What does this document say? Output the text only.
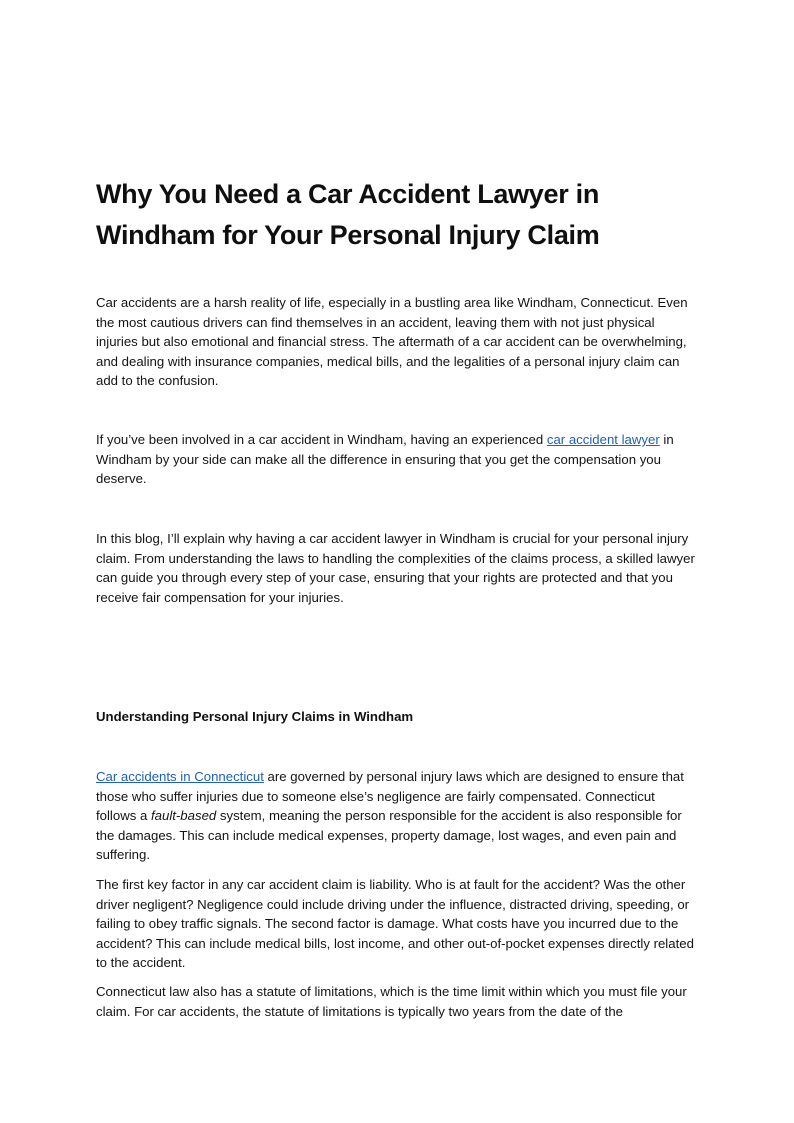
Why You Need a Car Accident Lawyer in Windham for Your Personal Injury Claim

Car accidents are a harsh reality of life, especially in a bustling area like Windham, Connecticut. Even the most cautious drivers can find themselves in an accident, leaving them with not just physical injuries but also emotional and financial stress. The aftermath of a car accident can be overwhelming, and dealing with insurance companies, medical bills, and the legalities of a personal injury claim can add to the confusion.

If you’ve been involved in a car accident in Windham, having an experienced car accident lawyer in Windham by your side can make all the difference in ensuring that you get the compensation you deserve.

In this blog, I’ll explain why having a car accident lawyer in Windham is crucial for your personal injury claim. From understanding the laws to handling the complexities of the claims process, a skilled lawyer can guide you through every step of your case, ensuring that your rights are protected and that you receive fair compensation for your injuries.

Understanding Personal Injury Claims in Windham

Car accidents in Connecticut are governed by personal injury laws which are designed to ensure that those who suffer injuries due to someone else’s negligence are fairly compensated. Connecticut follows a fault-based system, meaning the person responsible for the accident is also responsible for the damages. This can include medical expenses, property damage, lost wages, and even pain and suffering.

The first key factor in any car accident claim is liability. Who is at fault for the accident? Was the other driver negligent? Negligence could include driving under the influence, distracted driving, speeding, or failing to obey traffic signals. The second factor is damage. What costs have you incurred due to the accident? This can include medical bills, lost income, and other out-of-pocket expenses directly related to the accident.

Connecticut law also has a statute of limitations, which is the time limit within which you must file your claim. For car accidents, the statute of limitations is typically two years from the date of the
